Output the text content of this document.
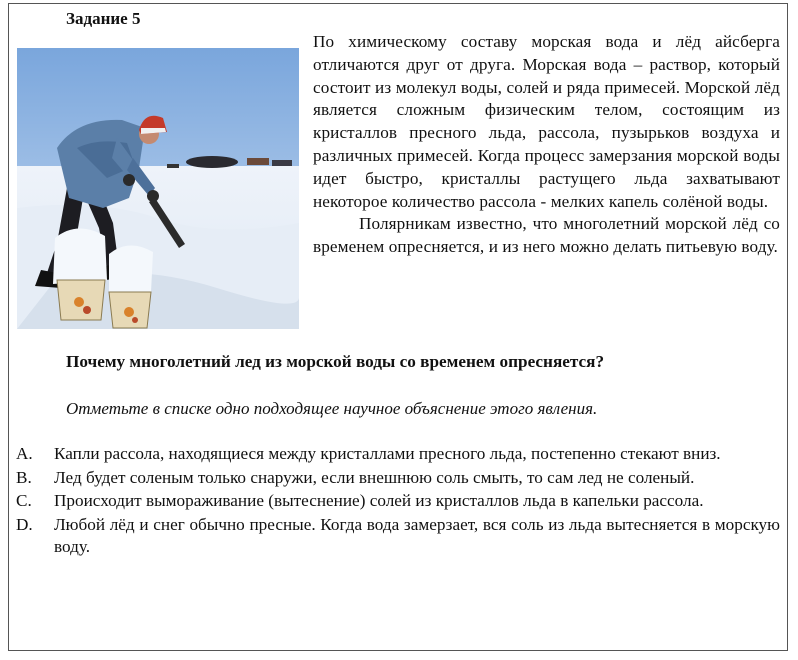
Задание 5

По химическому составу морская вода и лёд айсберга отличаются друг от друга. Морская вода – раствор, который состоит из молекул воды, солей и ряда примесей. Морской лёд является сложным физическим телом, состоящим из кристаллов пресного льда, рассола, пузырьков воздуха и различных примесей. Когда процесс замерзания морской воды идет быстро, кристаллы растущего льда захватывают некоторое количество рассола - мелких капель солёной воды.

Полярникам известно, что многолетний морской лёд со временем опресняется, и из него можно делать питьевую воду.

Почему многолетний лед из морской воды со временем опресняется?
Отметьте в списке одно подходящее научное объяснение этого явления.
A. Капли рассола, находящиеся между кристаллами пресного льда, постепенно стекают вниз.
B. Лед будет соленым только снаружи, если внешнюю соль смыть, то сам лед не соленый.
C. Происходит вымораживание (вытеснение) солей из кристаллов льда в капельки рассола.
D. Любой лёд и снег обычно пресные. Когда вода замерзает, вся соль из льда вытесняется в морскую воду.
